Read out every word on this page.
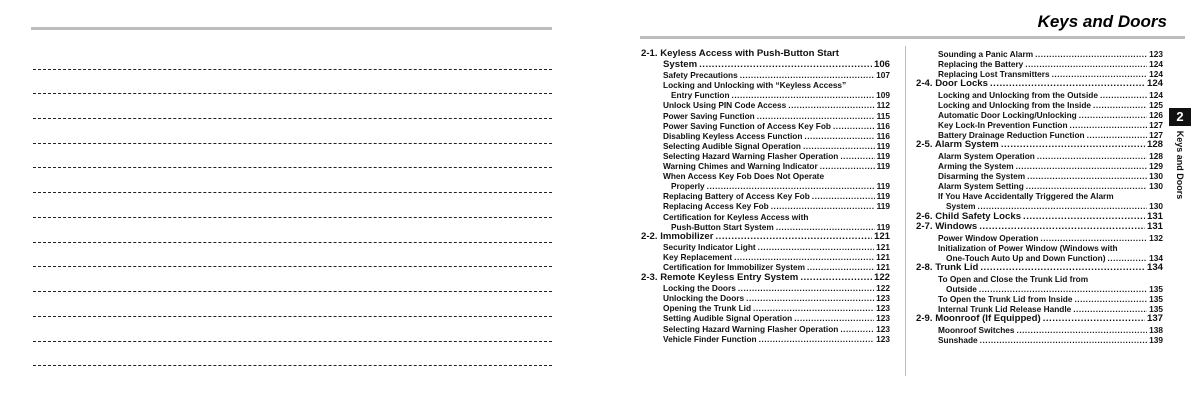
Keys and Doors
2-1. Keyless Access with Push-Button Start
System .....	106
Safety Precautions .....	107
Locking and Unlocking with “Keyless Access”
Entry Function .....	109
Unlock Using PIN Code Access .....	112
Power Saving Function .....	115
Power Saving Function of Access Key Fob .....	116
Disabling Keyless Access Function .....	116
Selecting Audible Signal Operation .....	119
Selecting Hazard Warning Flasher Operation .....	119
Warning Chimes and Warning Indicator .....	119
When Access Key Fob Does Not Operate
Properly .....	119
Replacing Battery of Access Key Fob .....	119
Replacing Access Key Fob .....	119
Certification for Keyless Access with
Push-Button Start System .....	119
2-2. Immobilizer .....	121
Security Indicator Light .....	121
Key Replacement .....	121
Certification for Immobilizer System .....	121
2-3. Remote Keyless Entry System .....	122
Locking the Doors .....	122
Unlocking the Doors .....	123
Opening the Trunk Lid .....	123
Setting Audible Signal Operation .....	123
Selecting Hazard Warning Flasher Operation .....	123
Vehicle Finder Function .....	123
Sounding a Panic Alarm .....	123
Replacing the Battery .....	124
Replacing Lost Transmitters .....	124
2-4. Door Locks .....	124
Locking and Unlocking from the Outside .....	124
Locking and Unlocking from the Inside .....	125
Automatic Door Locking/Unlocking .....	126
Key Lock-In Prevention Function .....	127
Battery Drainage Reduction Function .....	127
2-5. Alarm System .....	128
Alarm System Operation .....	128
Arming the System .....	129
Disarming the System .....	130
Alarm System Setting .....	130
If You Have Accidentally Triggered the Alarm
System .....	130
2-6. Child Safety Locks .....	131
2-7. Windows .....	131
Power Window Operation .....	132
Initialization of Power Window (Windows with
One-Touch Auto Up and Down Function) .....	134
2-8. Trunk Lid .....	134
To Open and Close the Trunk Lid from
Outside .....	135
To Open the Trunk Lid from Inside .....	135
Internal Trunk Lid Release Handle .....	135
2-9. Moonroof (If Equipped) .....	137
Moonroof Switches .....	138
Sunshade .....	139
2
Keys and Doors
